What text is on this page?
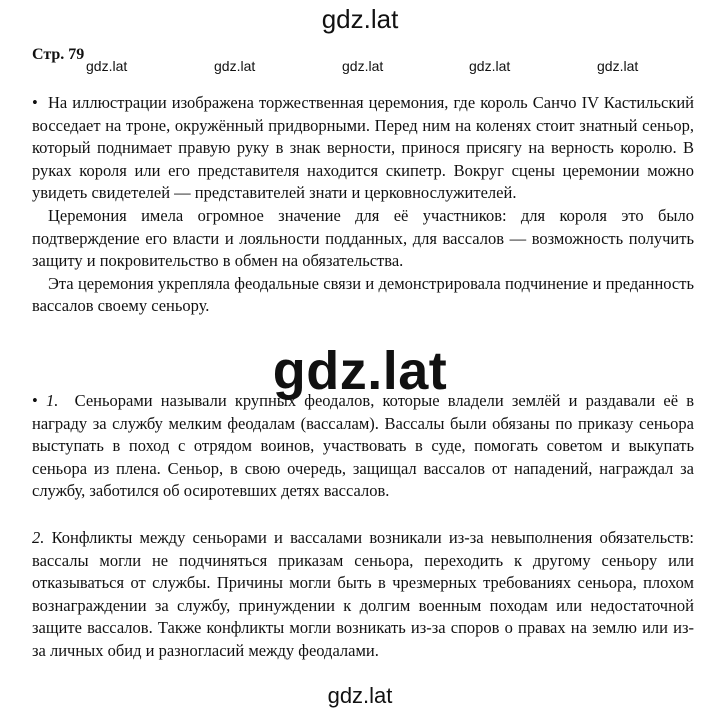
Стр. 79

• На иллюстрации изображена торжественная церемония, где король Санчо IV Кастильский восседает на троне, окружённый придворными. Перед ним на коленях стоит знатный сеньор, который поднимает правую руку в знак верности, принося присягу на верность королю. В руках короля или его представителя находится скипетр. Вокруг сцены церемонии можно увидеть свидетелей — представителей знати и церковнослужителей.

Церемония имела огромное значение для её участников: для короля это было подтверждение его власти и лояльности подданных, для вассалов — возможность получить защиту и покровительство в обмен на обязательства.

Эта церемония укрепляла феодальные связи и демонстрировала подчинение и преданность вассалов своему сеньору.

• 1. Сеньорами называли крупных феодалов, которые владели землёй и раздавали её в награду за службу мелким феодалам (вассалам). Вассалы были обязаны по приказу сеньора выступать в поход с отрядом воинов, участвовать в суде, помогать советом и выкупать сеньора из плена. Сеньор, в свою очередь, защищал вассалов от нападений, награждал за службу, заботился об осиротевших детях вассалов.

2. Конфликты между сеньорами и вассалами возникали из-за невыполнения обязательств: вассалы могли не подчиняться приказам сеньора, переходить к другому сеньору или отказываться от службы. Причины могли быть в чрезмерных требованиях сеньора, плохом вознаграждении за службу, принуждении к долгим военным походам или недостаточной защите вассалов. Также конфликты могли возникать из-за споров о правах на землю или из-за личных обид и разногласий между феодалами.

gdz.lat
gdz.lat	gdz.lat	gdz.lat	gdz.lat	gdz.lat
gdz.lat
gdz.lat
